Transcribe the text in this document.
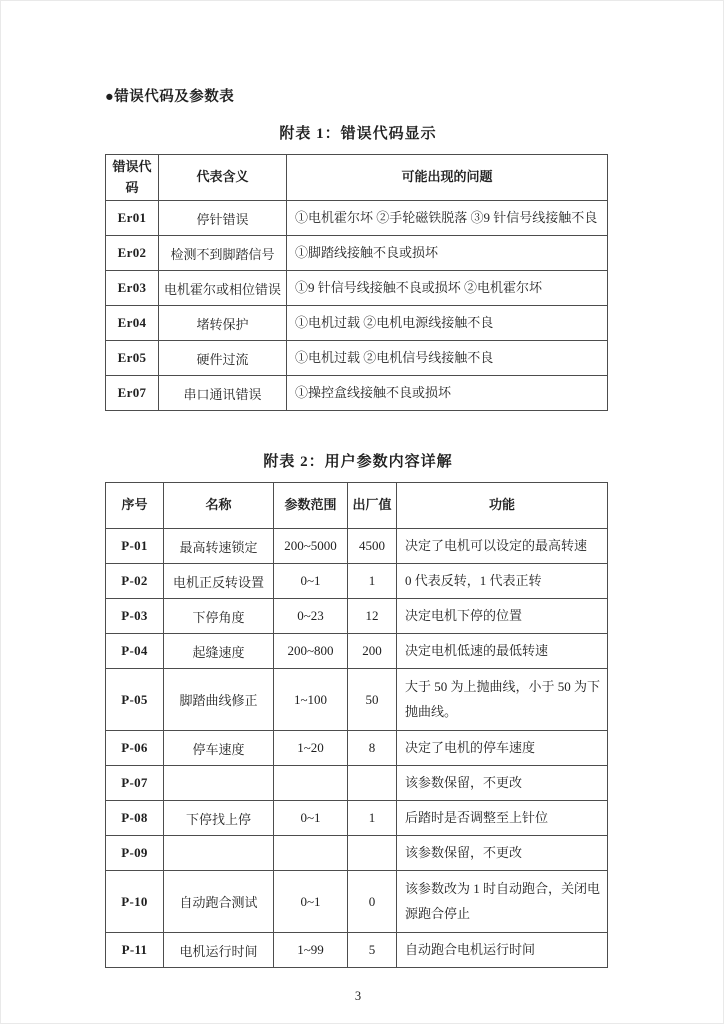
●错误代码及参数表
附表 1：错误代码显示
错误代码	代表含义	可能出现的问题
Er01	停针错误	①电机霍尔坏 ②手轮磁铁脱落 ③9 针信号线接触不良
Er02	检测不到脚踏信号	①脚踏线接触不良或损坏
Er03	电机霍尔或相位错误	①9 针信号线接触不良或损坏 ②电机霍尔坏
Er04	堵转保护	①电机过载 ②电机电源线接触不良
Er05	硬件过流	①电机过载 ②电机信号线接触不良
Er07	串口通讯错误	①操控盒线接触不良或损坏
附表 2：用户参数内容详解
序号	名称	参数范围	出厂值	功能
P-01	最高转速锁定	200~5000	4500	决定了电机可以设定的最高转速
P-02	电机正反转设置	0~1	1	0 代表反转，1 代表正转
P-03	下停角度	0~23	12	决定电机下停的位置
P-04	起缝速度	200~800	200	决定电机低速的最低转速
P-05	脚踏曲线修正	1~100	50	大于 50 为上抛曲线，小于 50 为下抛曲线。
P-06	停车速度	1~20	8	决定了电机的停车速度
P-07				该参数保留，不更改
P-08	下停找上停	0~1	1	后踏时是否调整至上针位
P-09				该参数保留，不更改
P-10	自动跑合测试	0~1	0	该参数改为 1 时自动跑合，关闭电源跑合停止
P-11	电机运行时间	1~99	5	自动跑合电机运行时间
3
